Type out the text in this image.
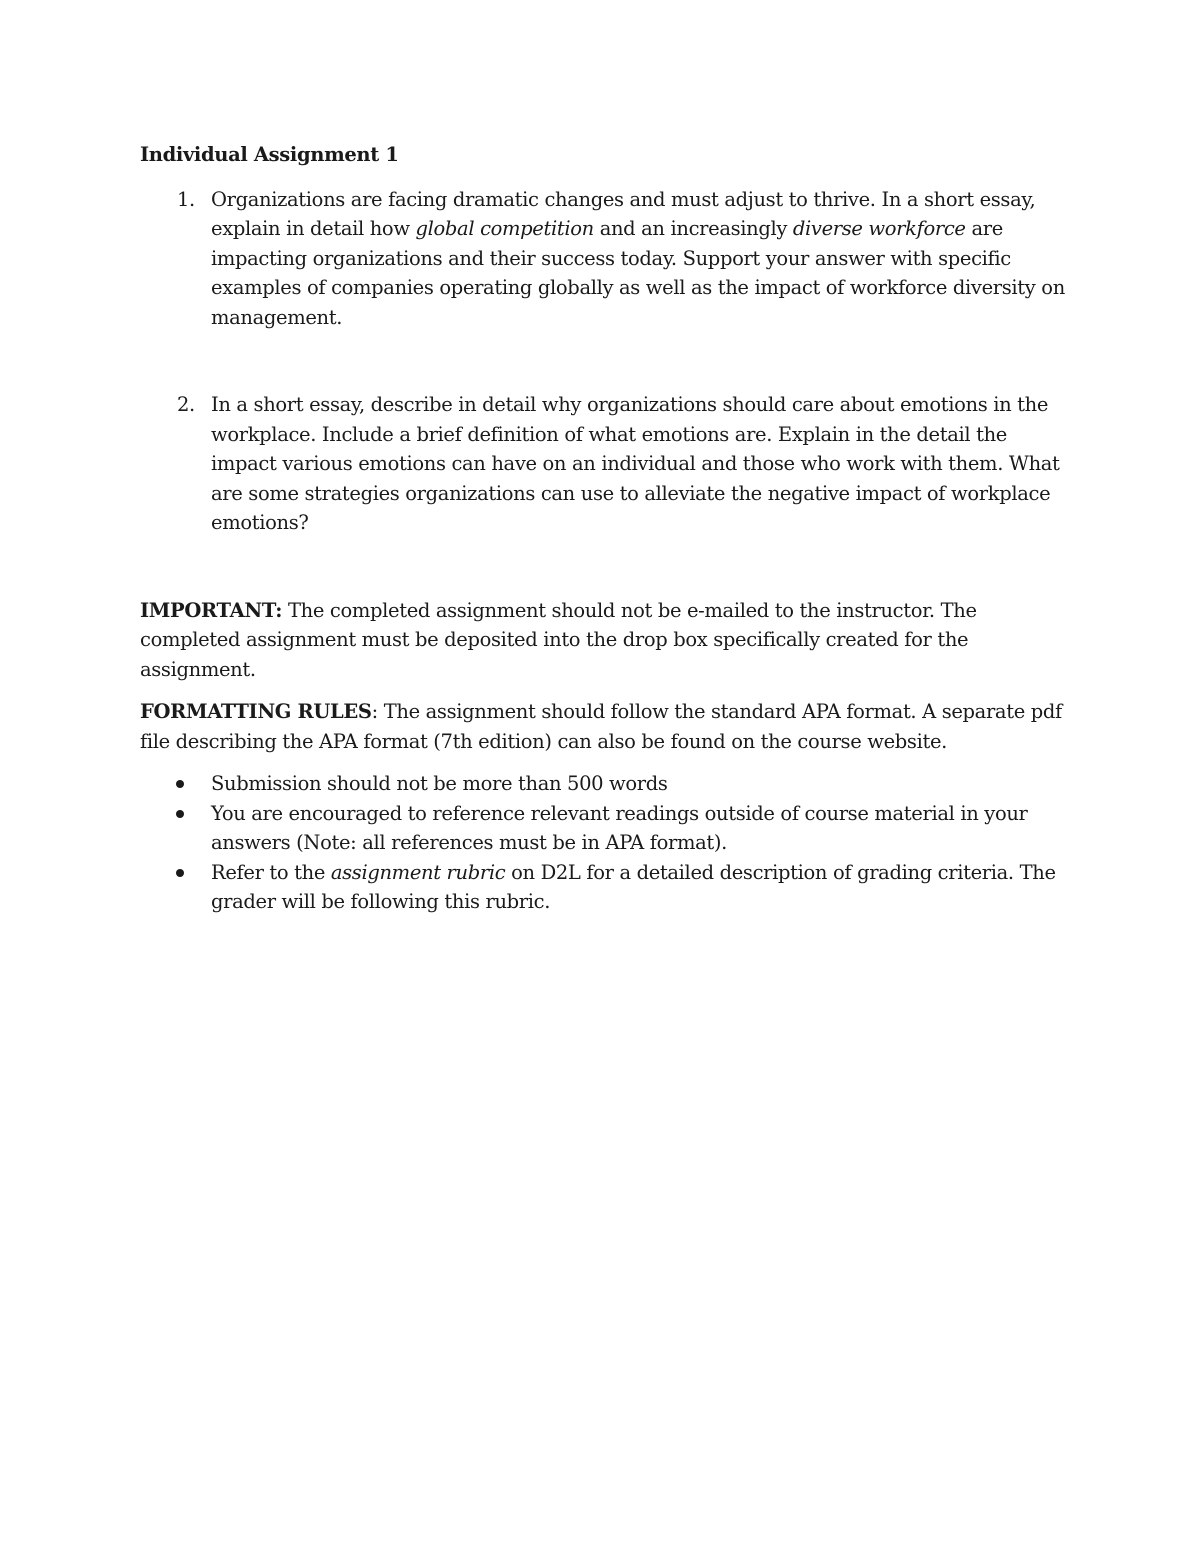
Individual Assignment 1
1. Organizations are facing dramatic changes and must adjust to thrive. In a short essay, explain in detail how global competition and an increasingly diverse workforce are impacting organizations and their success today. Support your answer with specific examples of companies operating globally as well as the impact of workforce diversity on management.
2. In a short essay, describe in detail why organizations should care about emotions in the workplace. Include a brief definition of what emotions are. Explain in the detail the impact various emotions can have on an individual and those who work with them. What are some strategies organizations can use to alleviate the negative impact of workplace emotions?

IMPORTANT: The completed assignment should not be e-mailed to the instructor. The completed assignment must be deposited into the drop box specifically created for the assignment.

FORMATTING RULES: The assignment should follow the standard APA format. A separate pdf file describing the APA format (7th edition) can also be found on the course website.

Submission should not be more than 500 words
You are encouraged to reference relevant readings outside of course material in your answers (Note: all references must be in APA format).
Refer to the assignment rubric on D2L for a detailed description of grading criteria. The grader will be following this rubric.
